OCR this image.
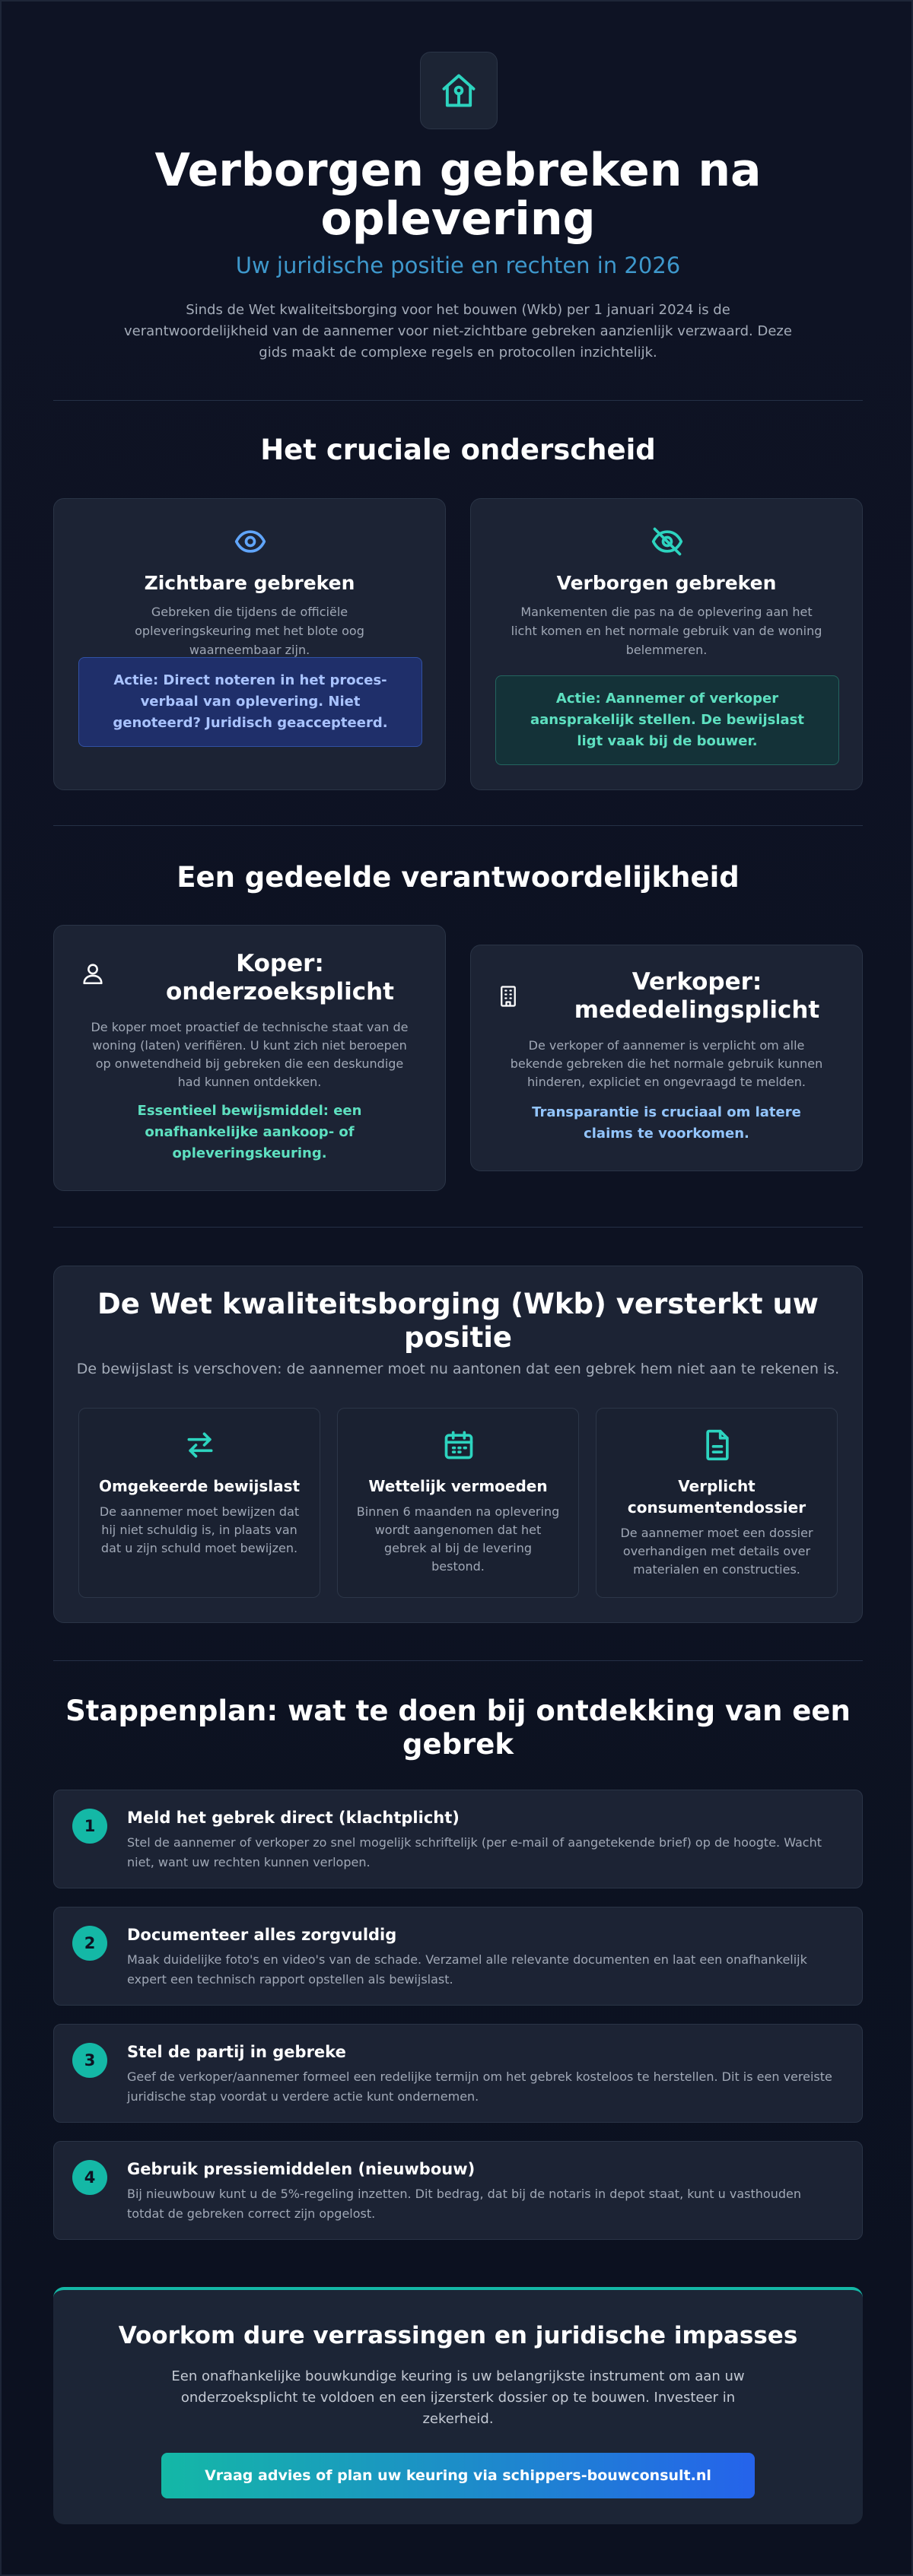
Verborgen gebreken na oplevering

Uw juridische positie en rechten in 2026

Sinds de Wet kwaliteitsborging voor het bouwen (Wkb) per 1 januari 2024 is de verantwoordelijkheid van de aannemer voor niet-zichtbare gebreken aanzienlijk verzwaard. Deze gids maakt de complexe regels en protocollen inzichtelijk.

Het cruciale onderscheid
Zichtbare gebreken

Gebreken die tijdens de officiële opleveringskeuring met het blote oog waarneembaar zijn.

Actie: Direct noteren in het proces-verbaal van oplevering. Niet genoteerd? Juridisch geaccepteerd.
Verborgen gebreken

Mankementen die pas na de oplevering aan het licht komen en het normale gebruik van de woning belemmeren.

Actie: Aannemer of verkoper aansprakelijk stellen. De bewijslast ligt vaak bij de bouwer.
Een gedeelde verantwoordelijkheid
Koper: onderzoeksplicht

De koper moet proactief de technische staat van de woning (laten) verifiëren. U kunt zich niet beroepen op onwetendheid bij gebreken die een deskundige had kunnen ontdekken.

Essentieel bewijsmiddel: een onafhankelijke aankoop- of opleveringskeuring.

Verkoper: mededelingsplicht

De verkoper of aannemer is verplicht om alle bekende gebreken die het normale gebruik kunnen hinderen, expliciet en ongevraagd te melden.

Transparantie is cruciaal om latere claims te voorkomen.

De Wet kwaliteitsborging (Wkb) versterkt uw positie

De bewijslast is verschoven: de aannemer moet nu aantonen dat een gebrek hem niet aan te rekenen is.

Omgekeerde bewijslast

De aannemer moet bewijzen dat hij niet schuldig is, in plaats van dat u zijn schuld moet bewijzen.

Wettelijk vermoeden

Binnen 6 maanden na oplevering wordt aangenomen dat het gebrek al bij de levering bestond.

Verplicht consumentendossier

De aannemer moet een dossier overhandigen met details over materialen en constructies.

Stappenplan: wat te doen bij ontdekking van een gebrek
1	Meld het gebrek direct (klachtplicht)

Stel de aannemer of verkoper zo snel mogelijk schriftelijk (per e-mail of aangetekende brief) op de hoogte. Wacht niet, want uw rechten kunnen verlopen.

2	Documenteer alles zorgvuldig

Maak duidelijke foto's en video's van de schade. Verzamel alle relevante documenten en laat een onafhankelijk expert een technisch rapport opstellen als bewijslast.

3	Stel de partij in gebreke

Geef de verkoper/aannemer formeel een redelijke termijn om het gebrek kosteloos te herstellen. Dit is een vereiste juridische stap voordat u verdere actie kunt ondernemen.

4	Gebruik pressiemiddelen (nieuwbouw)

Bij nieuwbouw kunt u de 5%-regeling inzetten. Dit bedrag, dat bij de notaris in depot staat, kunt u vasthouden totdat de gebreken correct zijn opgelost.

Voorkom dure verrassingen en juridische impasses

Een onafhankelijke bouwkundige keuring is uw belangrijkste instrument om aan uw onderzoeksplicht te voldoen en een ijzersterk dossier op te bouwen. Investeer in zekerheid.

Vraag advies of plan uw keuring via schippers-bouwconsult.nl
